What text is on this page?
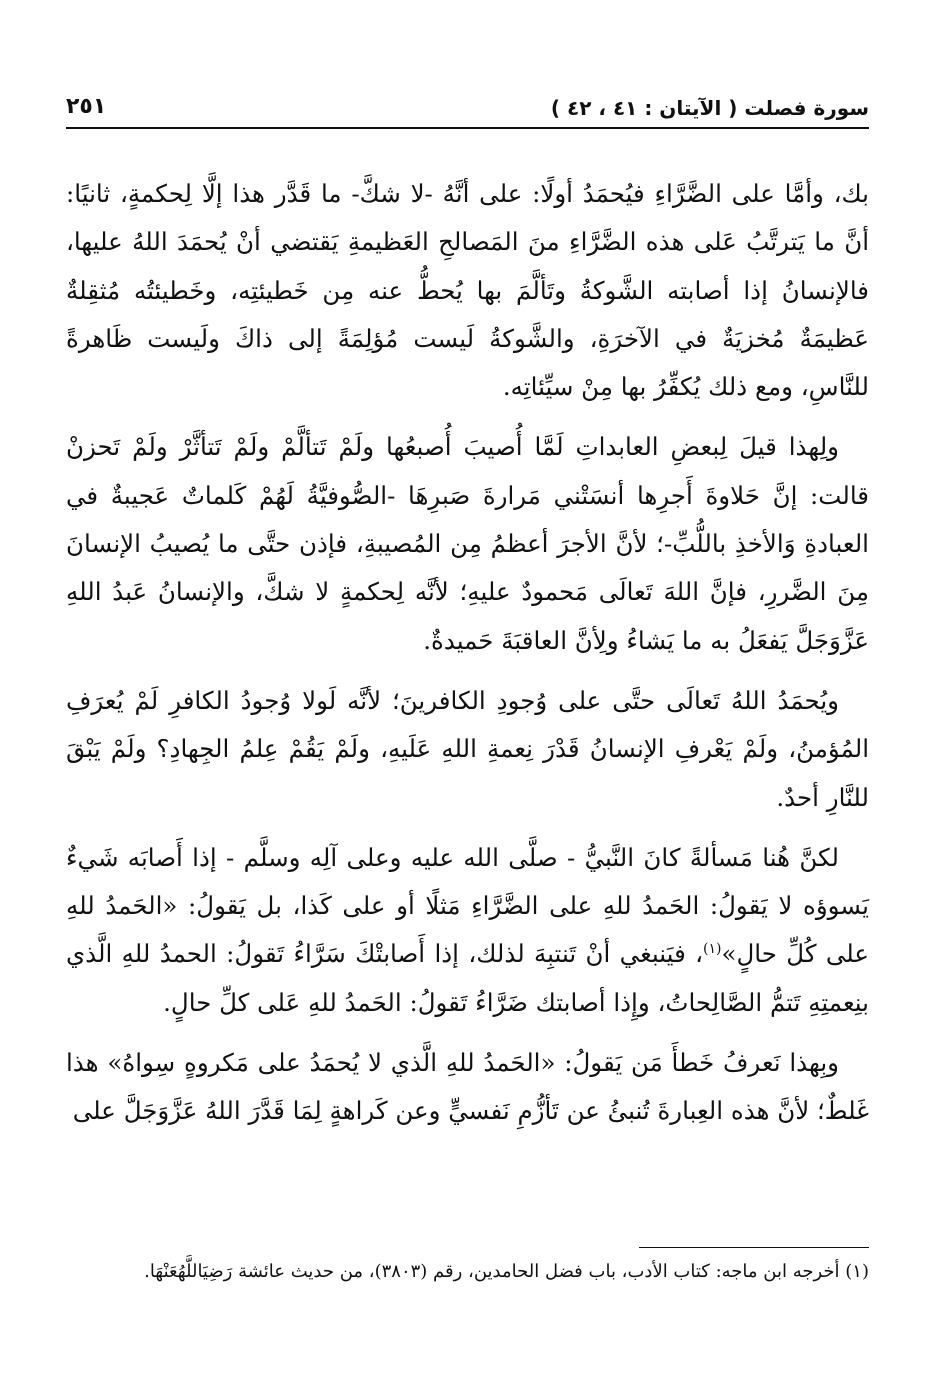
سورة فصلت ( الآيتان : ٤١ ، ٤٢ )
٢٥١

بك، وأمَّا على الضَّرَّاءِ فيُحمَدُ أولًا: على أنَّهُ -لا شكَّ- ما قَدَّر هذا إلَّا لِحكمةٍ، ثانيًا: أنَّ ما يَترتَّبُ عَلى هذه الضَّرَّاءِ منَ المَصالحِ العَظيمةِ يَقتضي أنْ يُحمَدَ اللهُ عليها، فالإنسانُ إذا أصابته الشَّوكةُ وتَألَّمَ بها يُحطُّ عنه مِن خَطيئتِه، وخَطيئتُه مُثقِلةٌ عَظيمَةٌ مُخزيَةٌ في الآخرَةِ، والشَّوكةُ لَيست مُؤلِمَةً إلى ذاكَ ولَيست ظَاهرةً للنَّاسِ، ومع ذلك يُكفِّرُ بها مِنْ سيِّئاتِه.

ولِهذا قيلَ لِبعضِ العابداتِ لَمَّا أُصيبَ أُصبعُها ولَمْ تَتألَّمْ ولَمْ تَتأثَّرْ ولَمْ تَحزنْ قالت: إنَّ حَلاوةَ أَجرِها أنسَتْني مَرارةَ صَبرِهَا -الصُّوفيَّةُ لَهُمْ كَلماتٌ عَجيبةٌ في العبادةِ وَالأخذِ باللُّبِّ-؛ لأنَّ الأجرَ أعظمُ مِن المُصيبةِ، فإذن حتَّى ما يُصيبُ الإنسانَ مِنَ الضَّررِ، فإنَّ اللهَ تَعالَى مَحمودٌ عليهِ؛ لأنَّه لِحكمةٍ لا شكَّ، والإنسانُ عَبدُ اللهِ عَزَّوَجَلَّ يَفعَلُ به ما يَشاءُ ولِأنَّ العاقبَةَ حَميدةٌ.

ويُحمَدُ اللهُ تَعالَى حتَّى على وُجودِ الكافرينَ؛ لأنَّه لَولا وُجودُ الكافرِ لَمْ يُعرَفِ المُؤمنُ، ولَمْ يَعْرفِ الإنسانُ قَدْرَ نِعمةِ اللهِ عَلَيهِ، ولَمْ يَقُمْ عِلمُ الجِهادِ؟ ولَمْ يَبْقَ للنَّارِ أحدٌ.

لكنَّ هُنا مَسألةً كانَ النَّبيُّ - صلَّى الله عليه وعلى آلِه وسلَّم - إذا أَصابَه شَيءٌ يَسوؤه لا يَقولُ: الحَمدُ للهِ على الضَّرَّاءِ مَثلًا أو على كَذا، بل يَقولُ: «الحَمدُ للهِ على كُلِّ حالٍ»$^{(١)}$، فيَنبغي أنْ تَنتبِهَ لذلك، إذا أَصابتْكَ سَرَّاءُ تَقولُ: الحمدُ للهِ الَّذي بنِعمتِهِ تَتمُّ الصَّالِحاتُ، وإِذا أصابتك ضَرَّاءُ تَقولُ: الحَمدُ للهِ عَلى كلِّ حالٍ.

وبِهذا نَعرفُ خَطأَ مَن يَقولُ: «الحَمدُ للهِ الَّذي لا يُحمَدُ على مَكروهٍ سِواهُ» هذا غَلطٌ؛ لأنَّ هذه العِبارةَ تُنبئُ عن تَأزُّمِ نَفسيٍّ وعن كَراهةٍ لِمَا قَدَّرَ اللهُ عَزَّوَجَلَّ على

(١) أخرجه ابن ماجه: كتاب الأدب، باب فضل الحامدين، رقم (٣٨٠٣)، من حديث عائشة رَضِيَاللَّهُعَنْهَا.
